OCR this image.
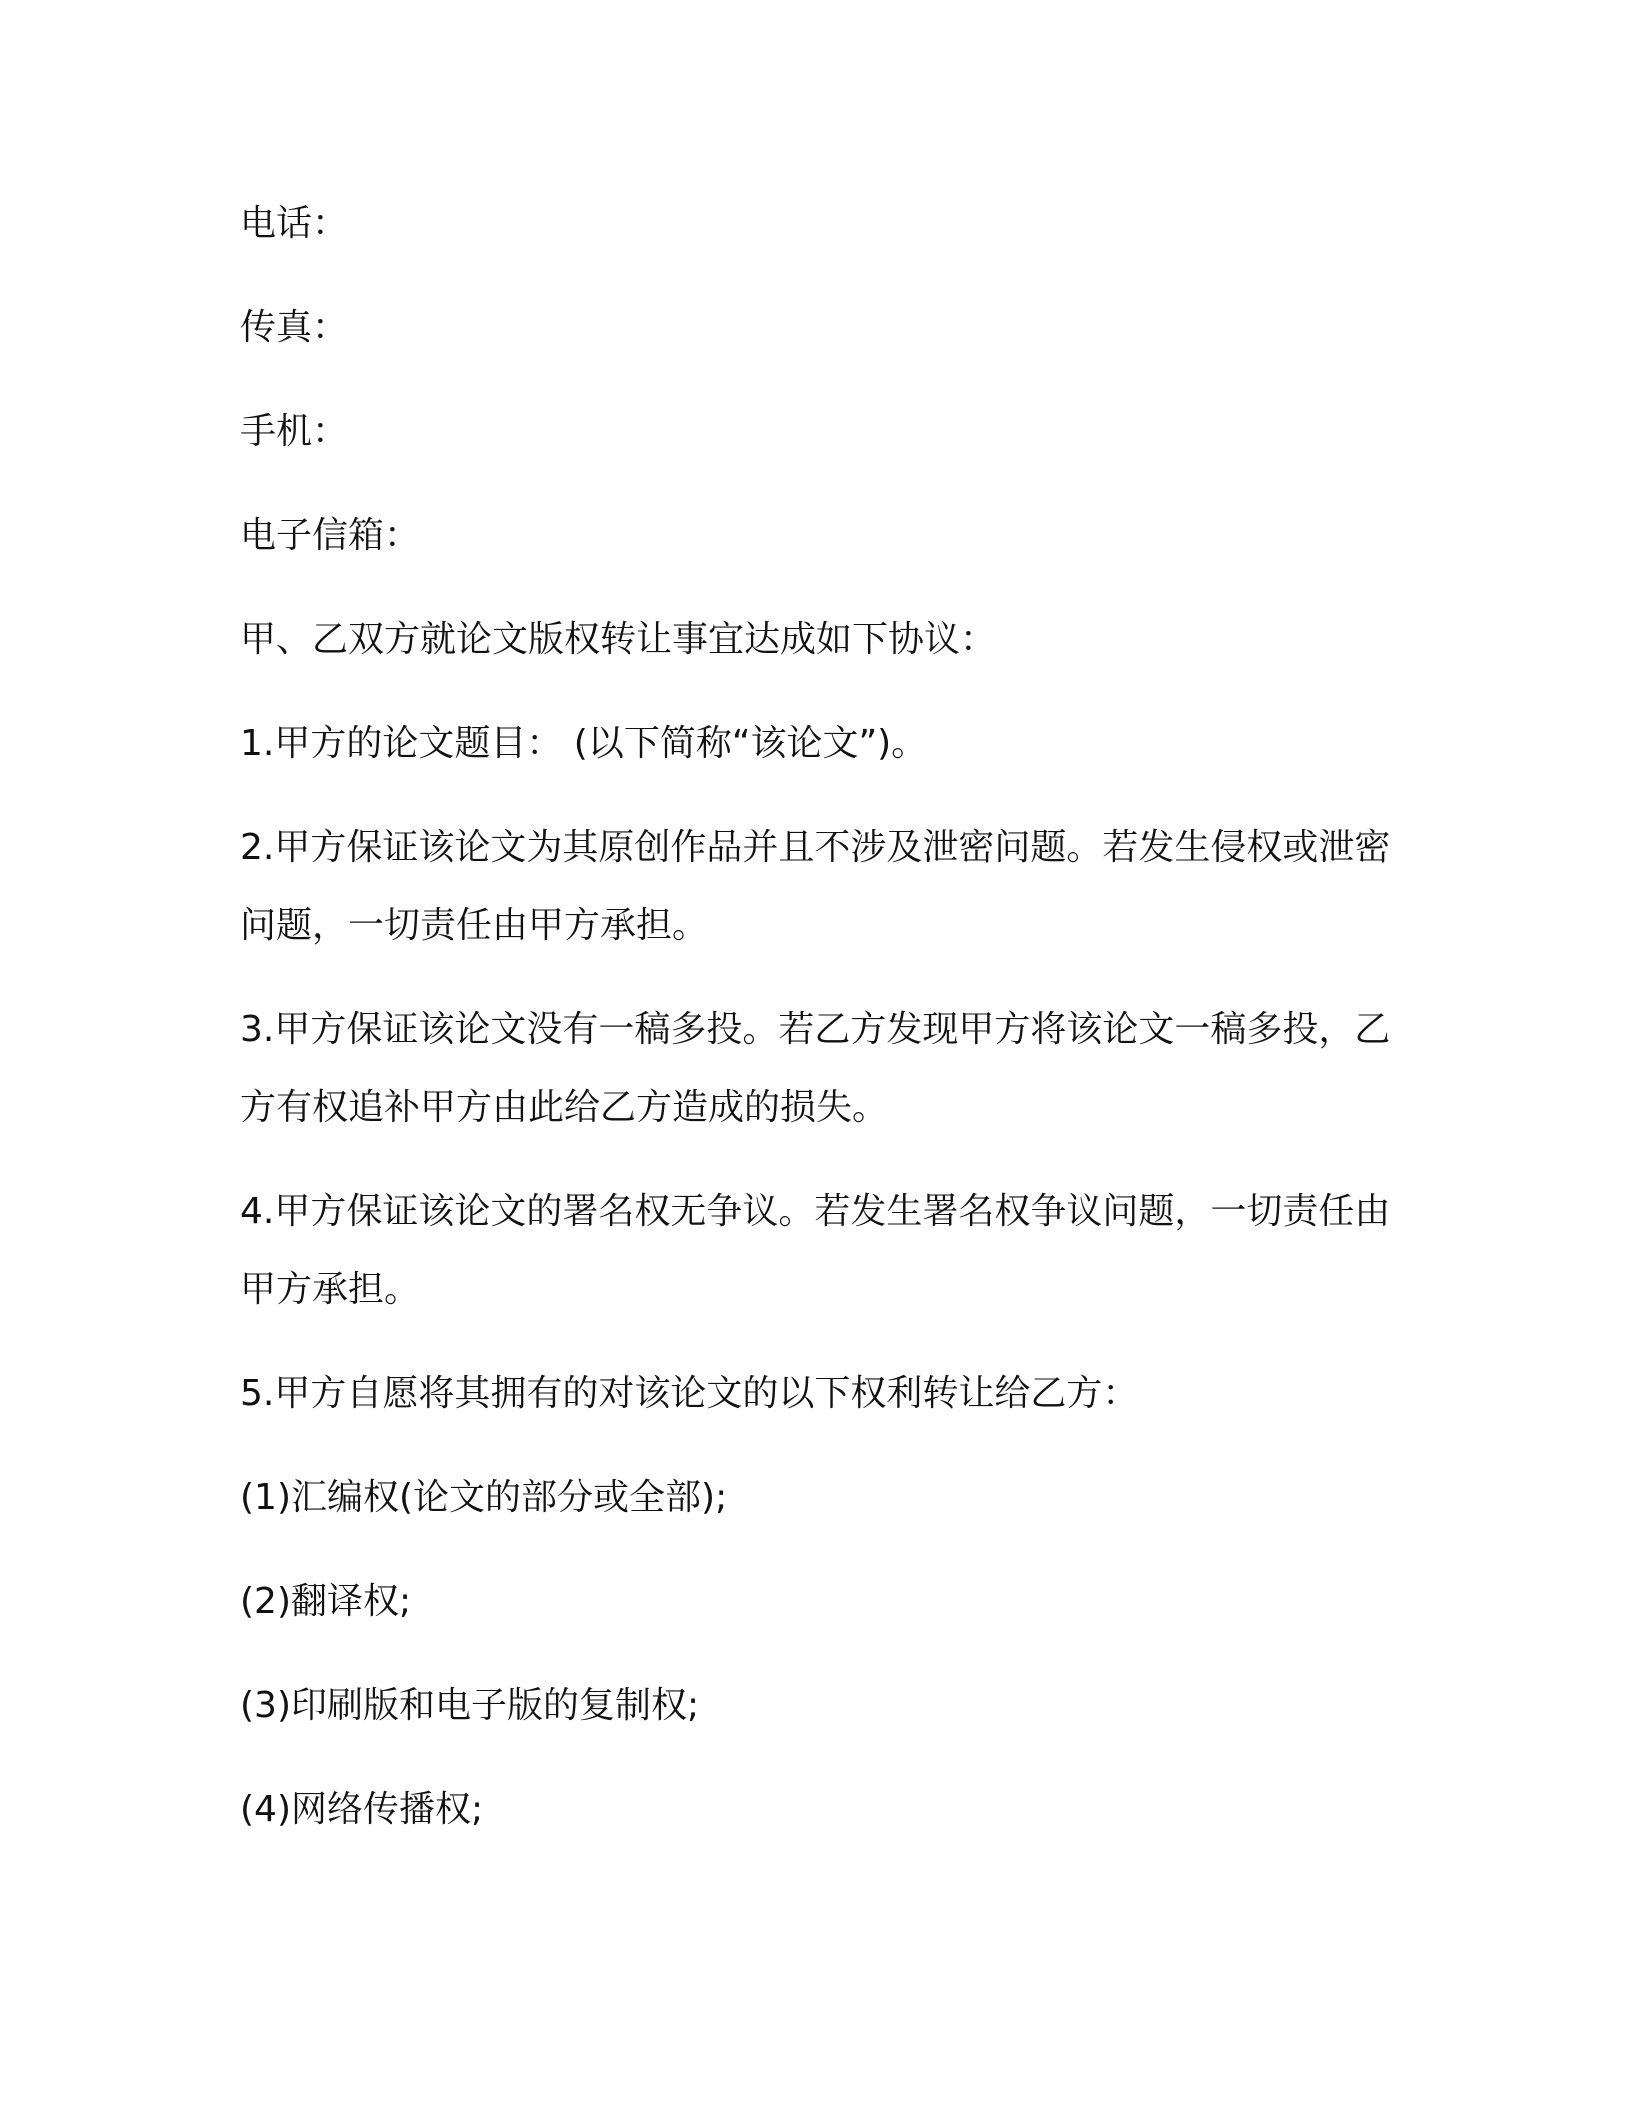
电话：

传真：

手机：

电子信箱：

甲、乙双方就论文版权转让事宜达成如下协议：

1.甲方的论文题目： (以下简称“该论文”)。

2.甲方保证该论文为其原创作品并且不涉及泄密问题。若发生侵权或泄密问题，一切责任由甲方承担。

3.甲方保证该论文没有一稿多投。若乙方发现甲方将该论文一稿多投，乙方有权追补甲方由此给乙方造成的损失。

4.甲方保证该论文的署名权无争议。若发生署名权争议问题，一切责任由甲方承担。

5.甲方自愿将其拥有的对该论文的以下权利转让给乙方：

(1)汇编权(论文的部分或全部);

(2)翻译权;

(3)印刷版和电子版的复制权;

(4)网络传播权;
